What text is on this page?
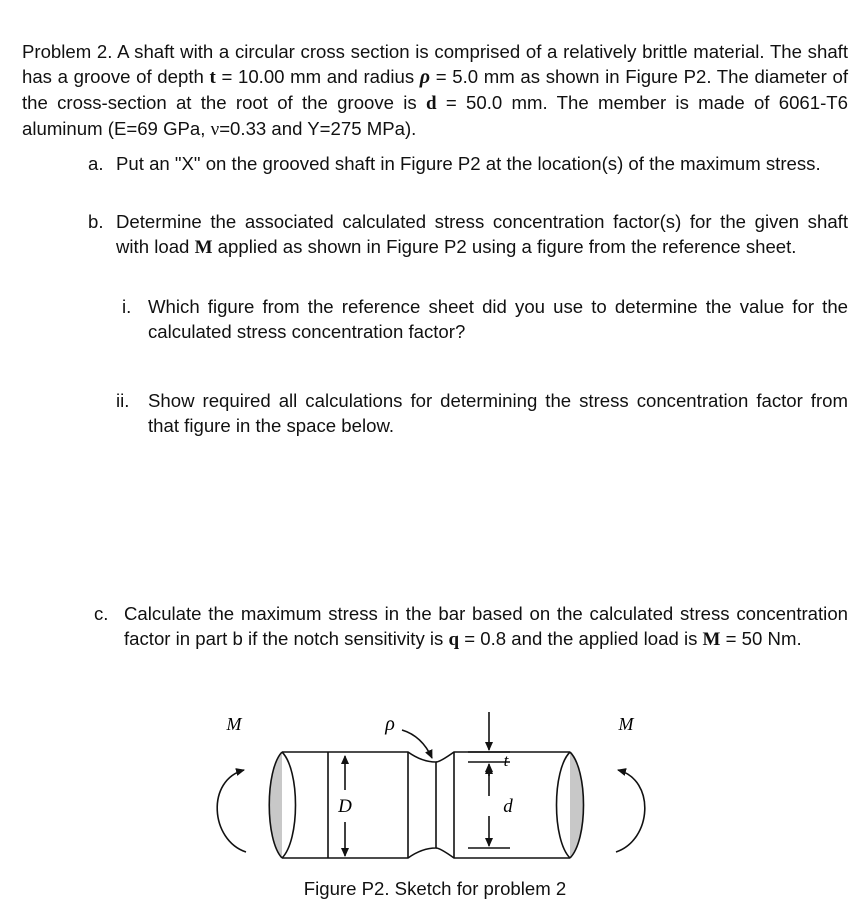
Problem 2. A shaft with a circular cross section is comprised of a relatively brittle material. The shaft has a groove of depth t = 10.00 mm and radius ρ = 5.0 mm as shown in Figure P2. The diameter of the cross-section at the root of the groove is d = 50.0 mm. The member is made of 6061-T6 aluminum (E=69 GPa, ν=0.33 and Y=275 MPa).
a. Put an "X" on the grooved shaft in Figure P2 at the location(s) of the maximum stress.
b. Determine the associated calculated stress concentration factor(s) for the given shaft with load M applied as shown in Figure P2 using a figure from the reference sheet.
i. Which figure from the reference sheet did you use to determine the value for the calculated stress concentration factor?
ii. Show required all calculations for determining the stress concentration factor from that figure in the space below.
c. Calculate the maximum stress in the bar based on the calculated stress concentration factor in part b if the notch sensitivity is q = 0.8 and the applied load is M = 50 Nm.
M	M
ρ
t
D	d
Figure P2. Sketch for problem 2
